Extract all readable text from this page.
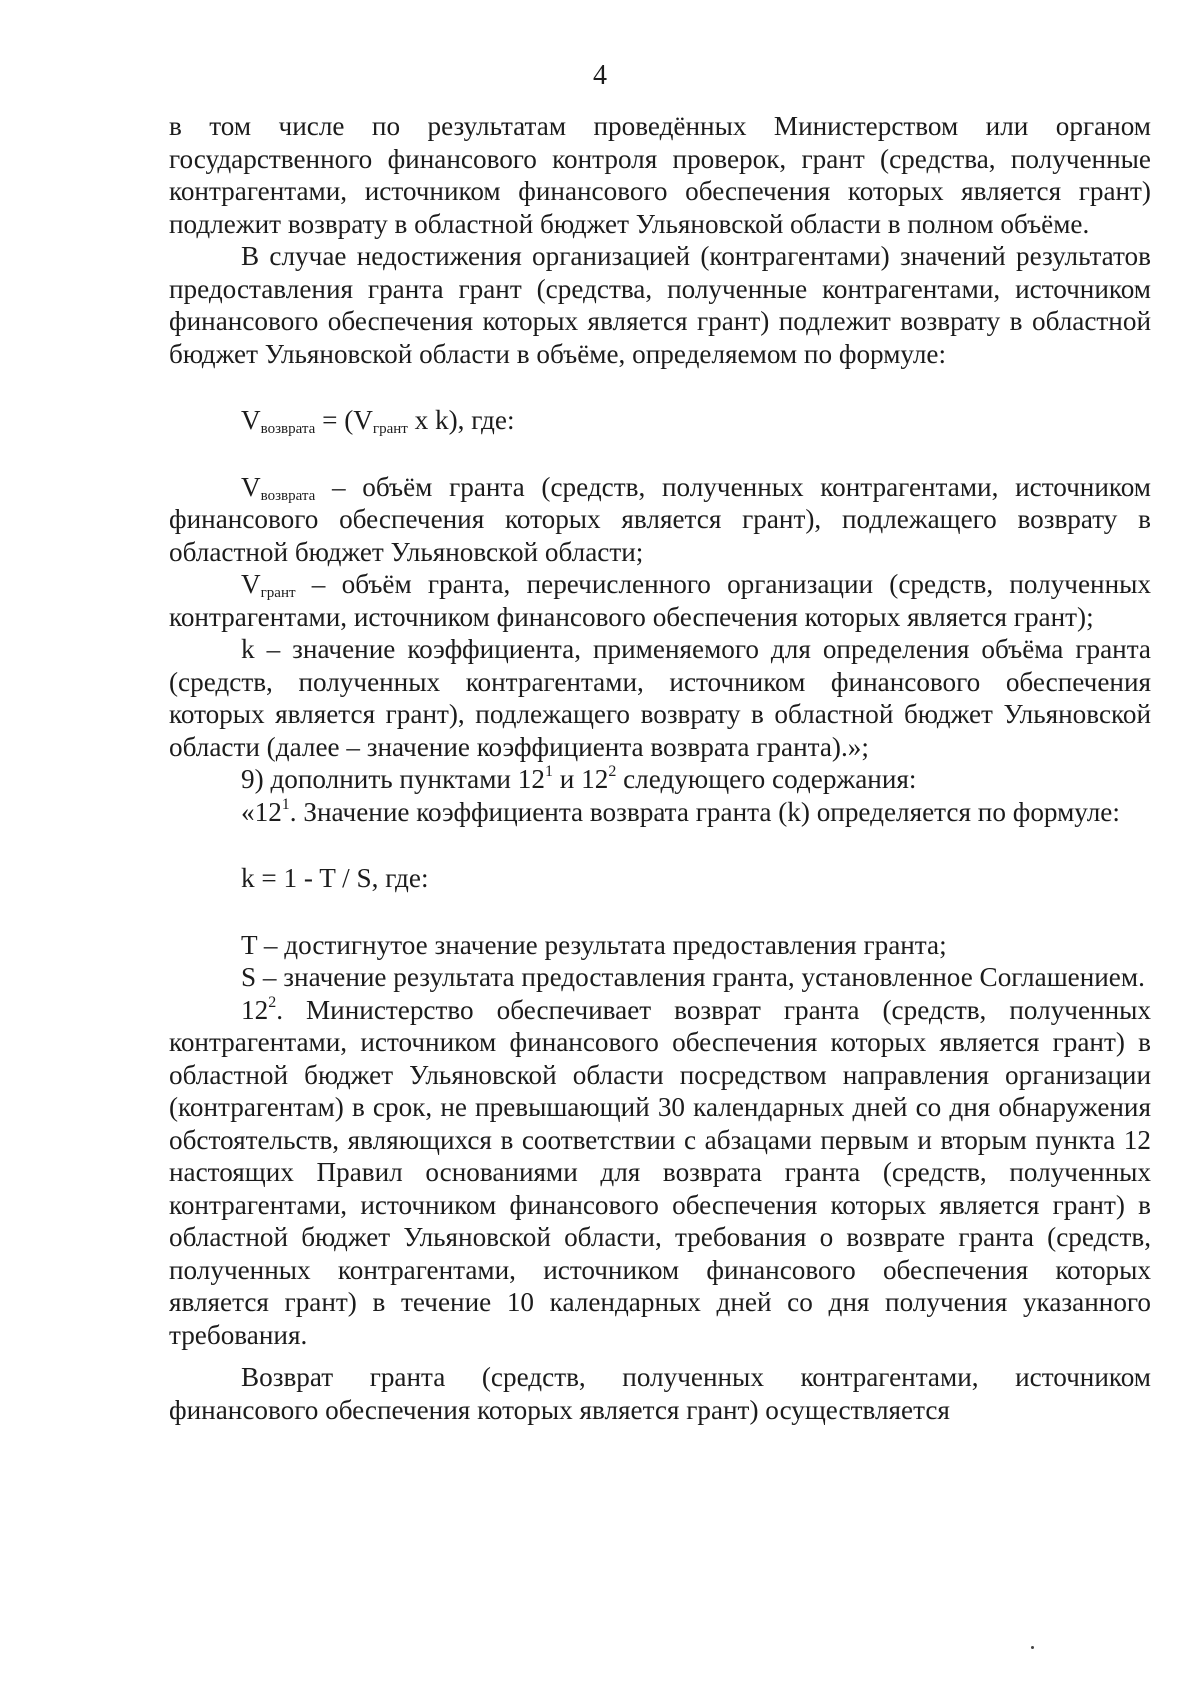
4

в том числе по результатам проведённых Министерством или органом государственного финансового контроля проверок, грант (средства, полученные контрагентами, источником финансового обеспечения которых является грант) подлежит возврату в областной бюджет Ульяновской области в полном объёме.

В случае недостижения организацией (контрагентами) значений результатов предоставления гранта грант (средства, полученные контрагентами, источником финансового обеспечения которых является грант) подлежит возврату в областной бюджет Ульяновской области в объёме, определяемом по формуле:

$V_{возврата} = (V_{грант}$ x k), где:

$V_{возврата}$ – объём гранта (средств, полученных контрагентами, источником финансового обеспечения которых является грант), подлежащего возврату в областной бюджет Ульяновской области;

$V_{грант}$ – объём гранта, перечисленного организации (средств, полученных контрагентами, источником финансового обеспечения которых является грант);

k – значение коэффициента, применяемого для определения объёма гранта (средств, полученных контрагентами, источником финансового обеспечения которых является грант), подлежащего возврату в областной бюджет Ульяновской области (далее – значение коэффициента возврата гранта).»;

9) дополнить пунктами $12^1$ и $12^2$ следующего содержания:

«$12^1$. Значение коэффициента возврата гранта (k) определяется по формуле:

k = 1 - T / S, где:

T – достигнутое значение результата предоставления гранта;

S – значение результата предоставления гранта, установленное Соглашением.

$12^2$. Министерство обеспечивает возврат гранта (средств, полученных контрагентами, источником финансового обеспечения которых является грант) в областной бюджет Ульяновской области посредством направления организации (контрагентам) в срок, не превышающий 30 календарных дней со дня обнаружения обстоятельств, являющихся в соответствии с абзацами первым и вторым пункта 12 настоящих Правил основаниями для возврата гранта (средств, полученных контрагентами, источником финансового обеспечения которых является грант) в областной бюджет Ульяновской области, требования о возврате гранта (средств, полученных контрагентами, источником финансового обеспечения которых является грант) в течение 10 календарных дней со дня получения указанного требования.

Возврат гранта (средств, полученных контрагентами, источником финансового обеспечения которых является грант) осуществляется
